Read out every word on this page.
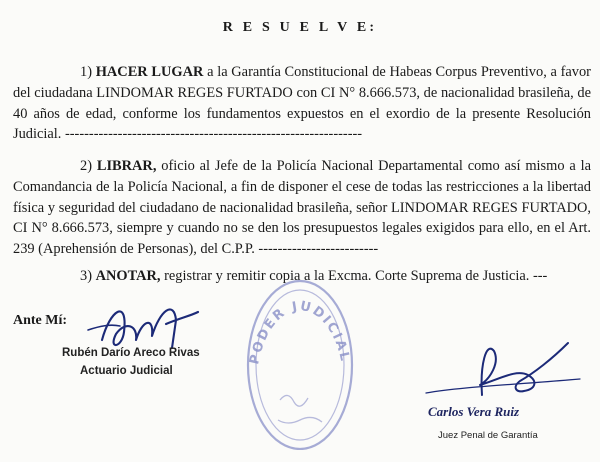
R E S U E L V E:
1) HACER LUGAR a la Garantía Constitucional de Habeas Corpus Preventivo, a favor del ciudadana LINDOMAR REGES FURTADO con CI N° 8.666.573, de nacionalidad brasileña, de 40 años de edad, conforme los fundamentos expuestos en el exordio de la presente Resolución Judicial. --------------------------------------------------------------
2) LIBRAR, oficio al Jefe de la Policía Nacional Departamental como así mismo a la Comandancia de la Policía Nacional, a fin de disponer el cese de todas las restricciones a la libertad física y seguridad del ciudadano de nacionalidad brasileña, señor LINDOMAR REGES FURTADO, CI N° 8.666.573, siempre y cuando no se den los presupuestos legales exigidos para ello, en el Art. 239 (Aprehensión de Personas), del C.P.P. -------------------------
3) ANOTAR, registrar y remitir copia a la Excma. Corte Suprema de Justicia. ---
Ante Mí:
PODER JUDICIAL
Rubén Darío Areco Rivas
Actuario Judicial
Carlos Vera Ruiz
Juez Penal de Garantía
